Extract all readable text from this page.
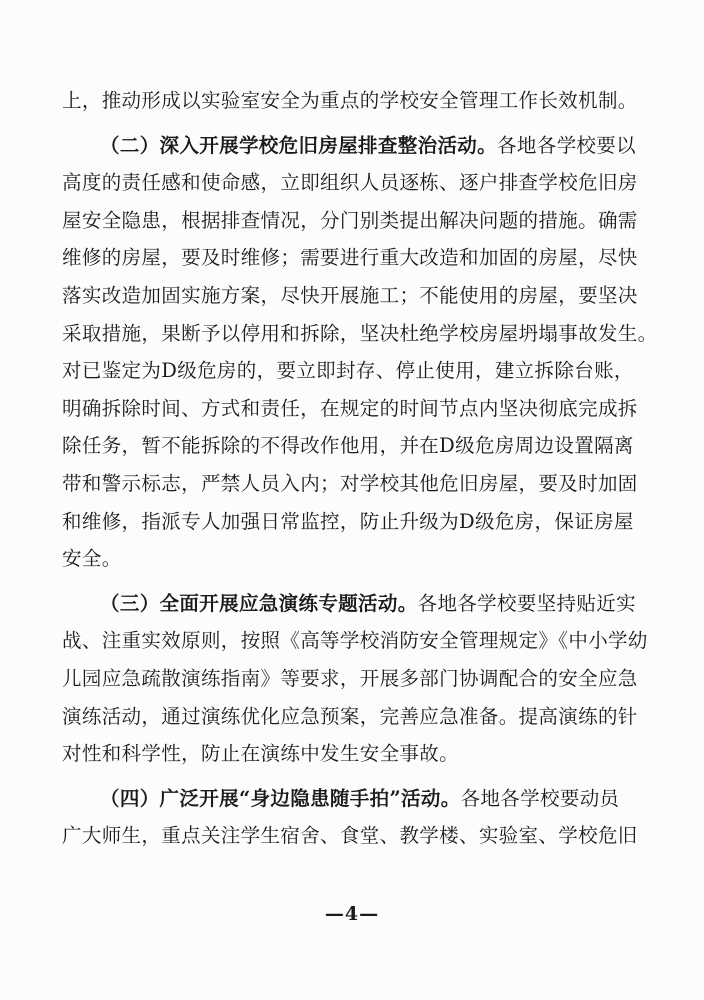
上，推动形成以实验室安全为重点的学校安全管理工作长效机制。
（二）深入开展学校危旧房屋排查整治活动。各地各学校要以
高度的责任感和使命感，立即组织人员逐栋、逐户排查学校危旧房
屋安全隐患，根据排查情况，分门别类提出解决问题的措施。确需
维修的房屋，要及时维修；需要进行重大改造和加固的房屋，尽快
落实改造加固实施方案，尽快开展施工；不能使用的房屋，要坚决
采取措施，果断予以停用和拆除，坚决杜绝学校房屋坍塌事故发生。
对已鉴定为D级危房的，要立即封存、停止使用，建立拆除台账，
明确拆除时间、方式和责任，在规定的时间节点内坚决彻底完成拆
除任务，暂不能拆除的不得改作他用，并在D级危房周边设置隔离
带和警示标志，严禁人员入内；对学校其他危旧房屋，要及时加固
和维修，指派专人加强日常监控，防止升级为D级危房，保证房屋
安全。
（三）全面开展应急演练专题活动。各地各学校要坚持贴近实
战、注重实效原则，按照《高等学校消防安全管理规定》《中小学幼
儿园应急疏散演练指南》等要求，开展多部门协调配合的安全应急
演练活动，通过演练优化应急预案，完善应急准备。提高演练的针
对性和科学性，防止在演练中发生安全事故。
（四）广泛开展“身边隐患随手拍”活动。各地各学校要动员
广大师生，重点关注学生宿舍、食堂、教学楼、实验室、学校危旧
—4—
